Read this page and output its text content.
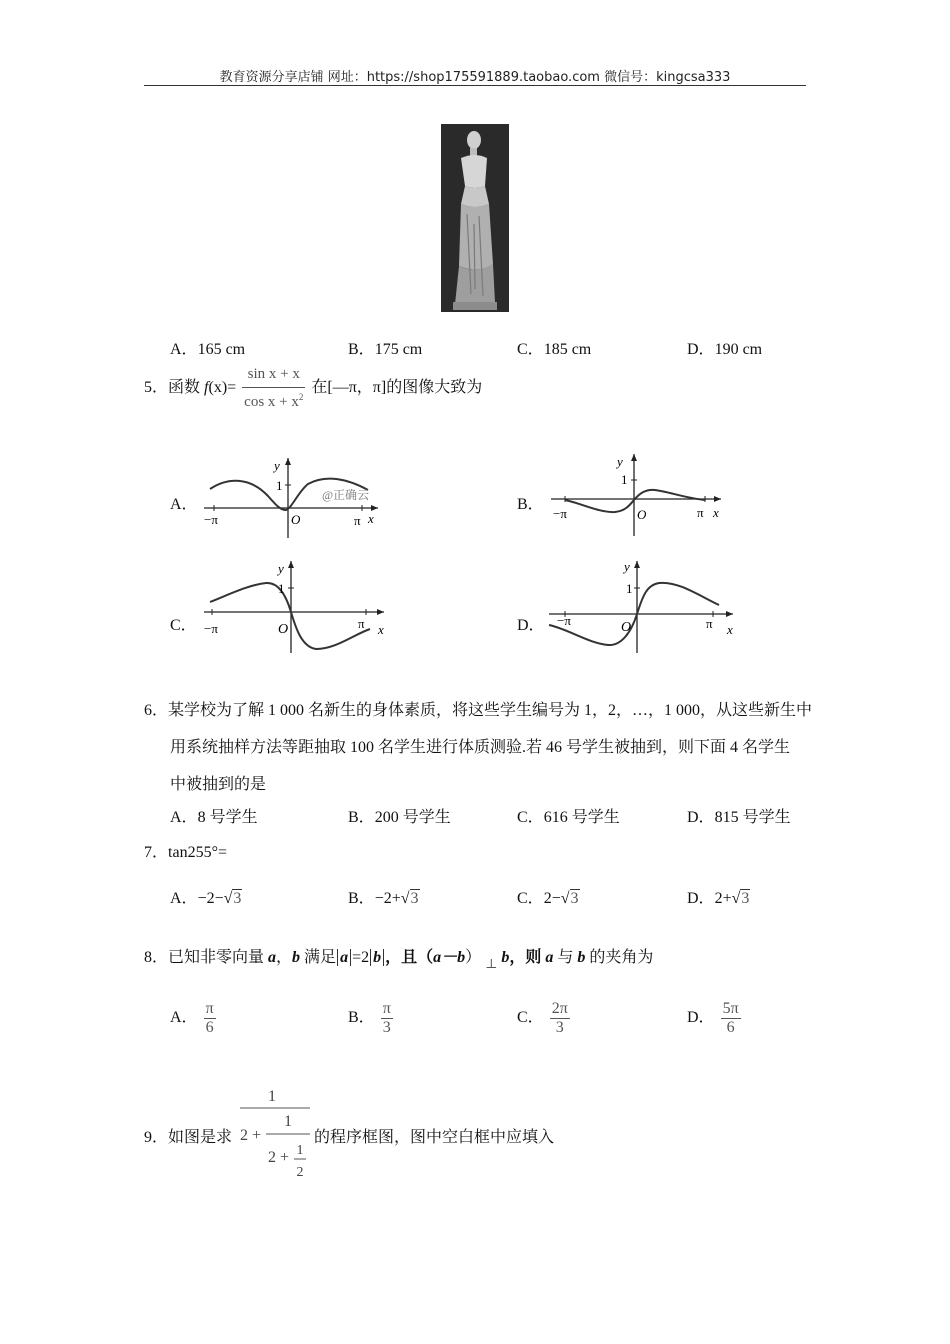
教育资源分享店铺 网址：https://shop175591889.taobao.com 微信号：kingcsa333
A．165 cm	B．175 cm	C．185 cm	D．190 cm
5．函数 $f(x)= \frac{\text{sin x + x}}{\cos x + x^2}$ 在[—π，π]的图像大致为
A．	B．
C．	D．
y
1
O
−π	π x
@正确云
y
1
O
−π	π x
y
1
O
−π	π x
y
1
O
−π	π x
6．某学校为了解 1 000 名新生的身体素质，将这些学生编号为 1，2，…，1 000，从这些新生中
用系统抽样方法等距抽取 100 名学生进行体质测验.若 46 号学生被抽到，则下面 4 名学生
中被抽到的是
A．8 号学生	B．200 号学生	C．616 号学生	D．815 号学生
7．tan255°=
A．−2−√3	B．−2+√3	C．2−√3	D．2+√3
8．已知非零向量 a，b 满足 a =2 b ，且（a－b） $_\perp$ b，则 a 与 b 的夹角为
A． $\frac{\pi}{6}$	B． $\frac{\pi}{3}$	C． $\frac{2\pi}{3}$	D． $\frac{5\pi}{6}$
9．如图是求
1
2 +
1
2 + 1
2
的程序框图，图中空白框中应填入
